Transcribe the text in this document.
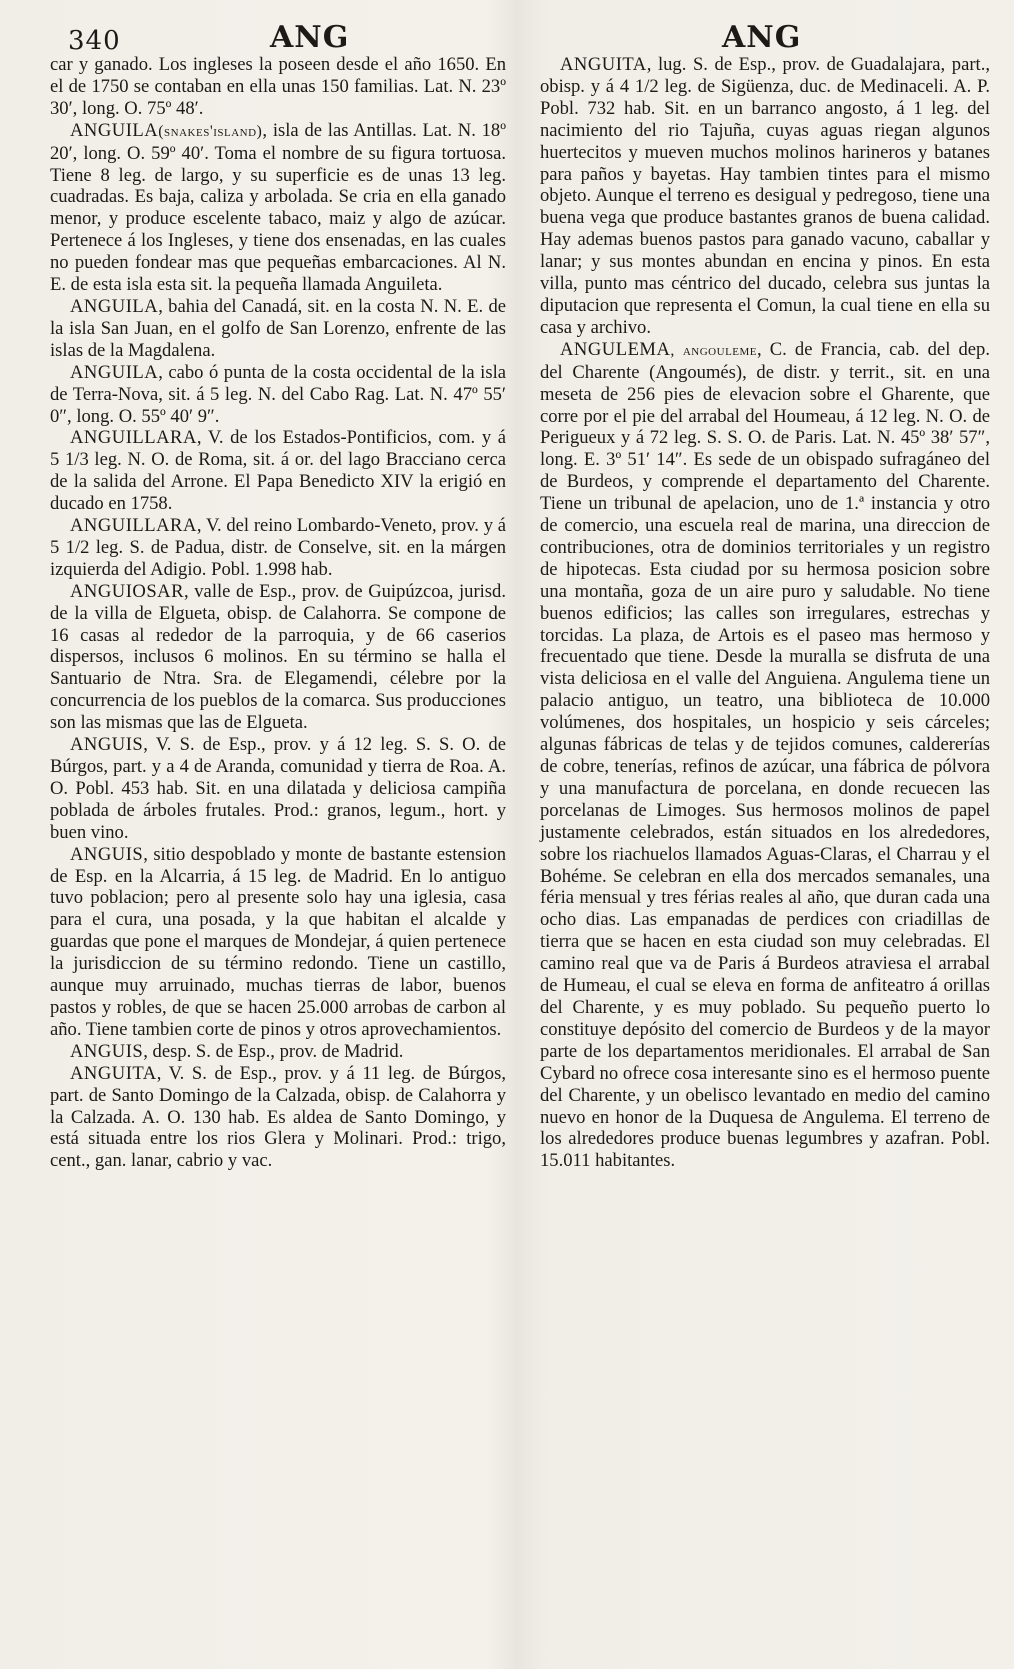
340	ANG	ANG

car y ganado. Los ingleses la poseen desde el año 1650. En el de 1750 se contaban en ella unas 150 familias. Lat. N. 23º 30′, long. O. 75º 48′.

ANGUILA(snakes'island), isla de las Antillas. Lat. N. 18º 20′, long. O. 59º 40′. Toma el nombre de su figura tortuosa. Tiene 8 leg. de largo, y su superficie es de unas 13 leg. cuadradas. Es baja, caliza y arbolada. Se cria en ella ganado menor, y produce escelente tabaco, maiz y algo de azúcar. Pertenece á los Ingleses, y tiene dos ensenadas, en las cuales no pueden fondear mas que pequeñas embarcaciones. Al N. E. de esta isla esta sit. la pequeña llamada Anguileta.

ANGUILA, bahia del Canadá, sit. en la costa N. N. E. de la isla San Juan, en el golfo de San Lorenzo, enfrente de las islas de la Magdalena.

ANGUILA, cabo ó punta de la costa occidental de la isla de Terra-Nova, sit. á 5 leg. N. del Cabo Rag. Lat. N. 47º 55′ 0″, long. O. 55º 40′ 9″.

ANGUILLARA, V. de los Estados-Pontificios, com. y á 5 1/3 leg. N. O. de Roma, sit. á or. del lago Bracciano cerca de la salida del Arrone. El Papa Benedicto XIV la erigió en ducado en 1758.

ANGUILLARA, V. del reino Lombardo-Veneto, prov. y á 5 1/2 leg. S. de Padua, distr. de Conselve, sit. en la márgen izquierda del Adigio. Pobl. 1.998 hab.

ANGUIOSAR, valle de Esp., prov. de Guipúzcoa, jurisd. de la villa de Elgueta, obisp. de Calahorra. Se compone de 16 casas al rededor de la parroquia, y de 66 caserios dispersos, inclusos 6 molinos. En su término se halla el Santuario de Ntra. Sra. de Elegamendi, célebre por la concurrencia de los pueblos de la comarca. Sus producciones son las mismas que las de Elgueta.

ANGUIS, V. S. de Esp., prov. y á 12 leg. S. S. O. de Búrgos, part. y a 4 de Aranda, comunidad y tierra de Roa. A. O. Pobl. 453 hab. Sit. en una dilatada y deliciosa campiña poblada de árboles frutales. Prod.: granos, legum., hort. y buen vino.

ANGUIS, sitio despoblado y monte de bastante estension de Esp. en la Alcarria, á 15 leg. de Madrid. En lo antiguo tuvo poblacion; pero al presente solo hay una iglesia, casa para el cura, una posada, y la que habitan el alcalde y guardas que pone el marques de Mondejar, á quien pertenece la jurisdiccion de su término redondo. Tiene un castillo, aunque muy arruinado, muchas tierras de labor, buenos pastos y robles, de que se hacen 25.000 arrobas de carbon al año. Tiene tambien corte de pinos y otros aprovechamientos.

ANGUIS, desp. S. de Esp., prov. de Madrid.

ANGUITA, V. S. de Esp., prov. y á 11 leg. de Búrgos, part. de Santo Domingo de la Calzada, obisp. de Calahorra y la Calzada. A. O. 130 hab. Es aldea de Santo Domingo, y está situada entre los rios Glera y Molinari. Prod.: trigo, cent., gan. lanar, cabrio y vac.

ANGUITA, lug. S. de Esp., prov. de Guadalajara, part., obisp. y á 4 1/2 leg. de Sigüenza, duc. de Medinaceli. A. P. Pobl. 732 hab. Sit. en un barranco angosto, á 1 leg. del nacimiento del rio Tajuña, cuyas aguas riegan algunos huertecitos y mueven muchos molinos harineros y batanes para paños y bayetas. Hay tambien tintes para el mismo objeto. Aunque el terreno es desigual y pedregoso, tiene una buena vega que produce bastantes granos de buena calidad. Hay ademas buenos pastos para ganado vacuno, caballar y lanar; y sus montes abundan en encina y pinos. En esta villa, punto mas céntrico del ducado, celebra sus juntas la diputacion que representa el Comun, la cual tiene en ella su casa y archivo.

ANGULEMA, angouleme, C. de Francia, cab. del dep. del Charente (Angoumés), de distr. y territ., sit. en una meseta de 256 pies de elevacion sobre el Gharente, que corre por el pie del arrabal del Houmeau, á 12 leg. N. O. de Perigueux y á 72 leg. S. S. O. de Paris. Lat. N. 45º 38′ 57″, long. E. 3º 51′ 14″. Es sede de un obispado sufragáneo del de Burdeos, y comprende el departamento del Charente. Tiene un tribunal de apelacion, uno de 1.ª instancia y otro de comercio, una escuela real de marina, una direccion de contribuciones, otra de dominios territoriales y un registro de hipotecas. Esta ciudad por su hermosa posicion sobre una montaña, goza de un aire puro y saludable. No tiene buenos edificios; las calles son irregulares, estrechas y torcidas. La plaza, de Artois es el paseo mas hermoso y frecuentado que tiene. Desde la muralla se disfruta de una vista deliciosa en el valle del Anguiena. Angulema tiene un palacio antiguo, un teatro, una biblioteca de 10.000 volúmenes, dos hospitales, un hospicio y seis cárceles; algunas fábricas de telas y de tejidos comunes, caldererías de cobre, tenerías, refinos de azúcar, una fábrica de pólvora y una manufactura de porcelana, en donde recuecen las porcelanas de Limoges. Sus hermosos molinos de papel justamente celebrados, están situados en los alrededores, sobre los riachuelos llamados Aguas-Claras, el Charrau y el Bohéme. Se celebran en ella dos mercados semanales, una féria mensual y tres férias reales al año, que duran cada una ocho dias. Las empanadas de perdices con criadillas de tierra que se hacen en esta ciudad son muy celebradas. El camino real que va de Paris á Burdeos atraviesa el arrabal de Humeau, el cual se eleva en forma de anfiteatro á orillas del Charente, y es muy poblado. Su pequeño puerto lo constituye depósito del comercio de Burdeos y de la mayor parte de los departamentos meridionales. El arrabal de San Cybard no ofrece cosa interesante sino es el hermoso puente del Charente, y un obelisco levantado en medio del camino nuevo en honor de la Duquesa de Angulema. El terreno de los alrededores produce buenas legumbres y azafran. Pobl. 15.011 habitantes.
